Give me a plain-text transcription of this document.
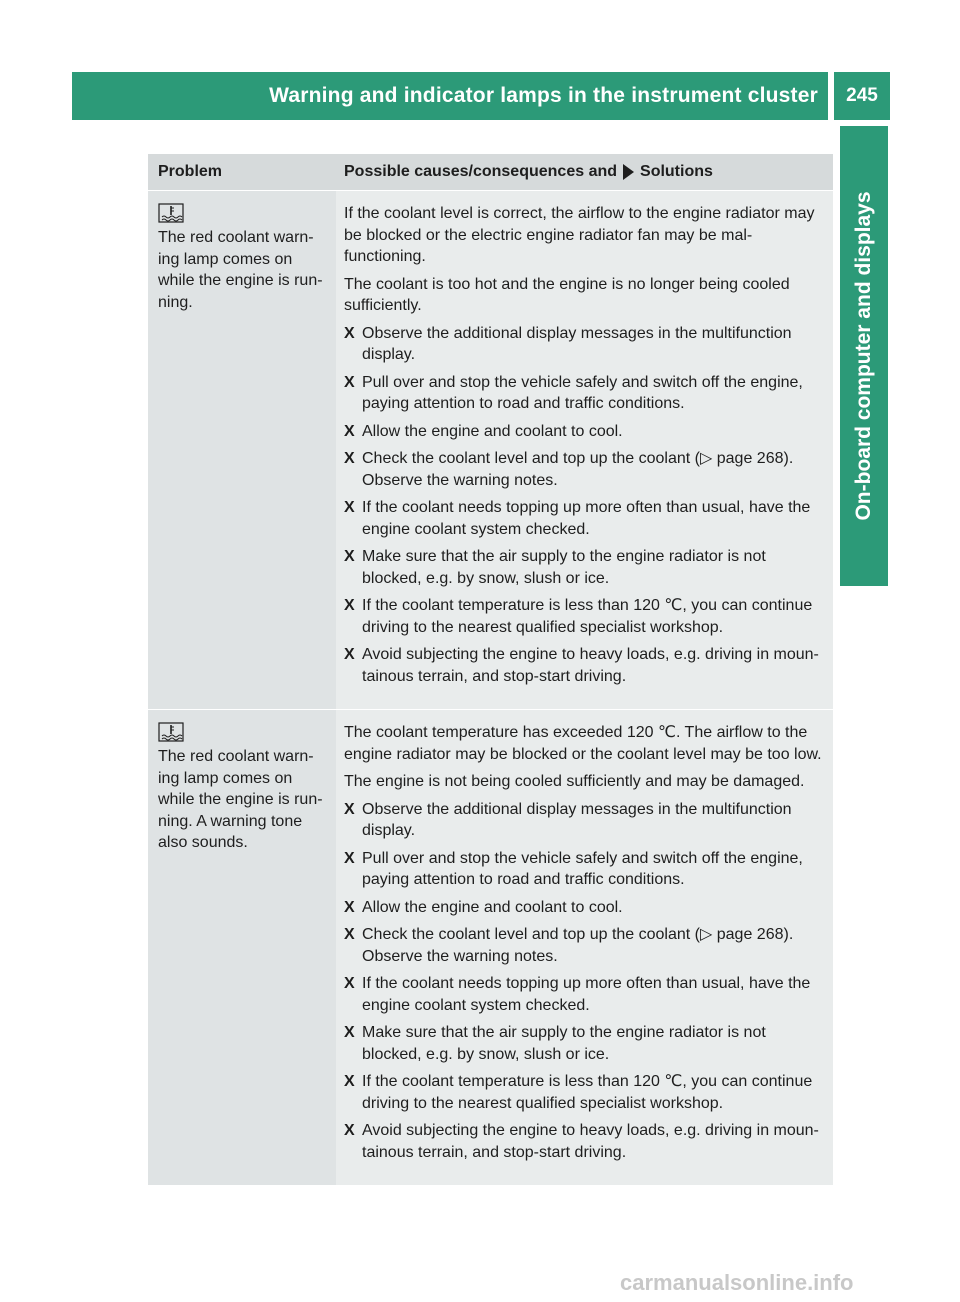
Warning and indicator lamps in the instrument cluster	245
On-board computer and displays
Problem	Possible causes/consequences and Solutions
The red coolant warn-
ing lamp comes on
while the engine is run-
ning.

If the coolant level is correct, the airflow to the engine radiator may be blocked or the electric engine radiator fan may be mal-functioning.

The coolant is too hot and the engine is no longer being cooled sufficiently.

X Observe the additional display messages in the multifunction display.
X Pull over and stop the vehicle safely and switch off the engine, paying attention to road and traffic conditions.
X Allow the engine and coolant to cool.
X Check the coolant level and top up the coolant (▷ page 268). Observe the warning notes.
X If the coolant needs topping up more often than usual, have the engine coolant system checked.
X Make sure that the air supply to the engine radiator is not blocked, e.g. by snow, slush or ice.
X If the coolant temperature is less than 120 ℃, you can continue driving to the nearest qualified specialist workshop.
X Avoid subjecting the engine to heavy loads, e.g. driving in moun-tainous terrain, and stop-start driving.
The red coolant warn-
ing lamp comes on
while the engine is run-
ning. A warning tone
also sounds.

The coolant temperature has exceeded 120 ℃. The airflow to the engine radiator may be blocked or the coolant level may be too low.

The engine is not being cooled sufficiently and may be damaged.

X Observe the additional display messages in the multifunction display.
X Pull over and stop the vehicle safely and switch off the engine, paying attention to road and traffic conditions.
X Allow the engine and coolant to cool.
X Check the coolant level and top up the coolant (▷ page 268). Observe the warning notes.
X If the coolant needs topping up more often than usual, have the engine coolant system checked.
X Make sure that the air supply to the engine radiator is not blocked, e.g. by snow, slush or ice.
X If the coolant temperature is less than 120 ℃, you can continue driving to the nearest qualified specialist workshop.
X Avoid subjecting the engine to heavy loads, e.g. driving in moun-tainous terrain, and stop-start driving.
carmanualsonline.info
